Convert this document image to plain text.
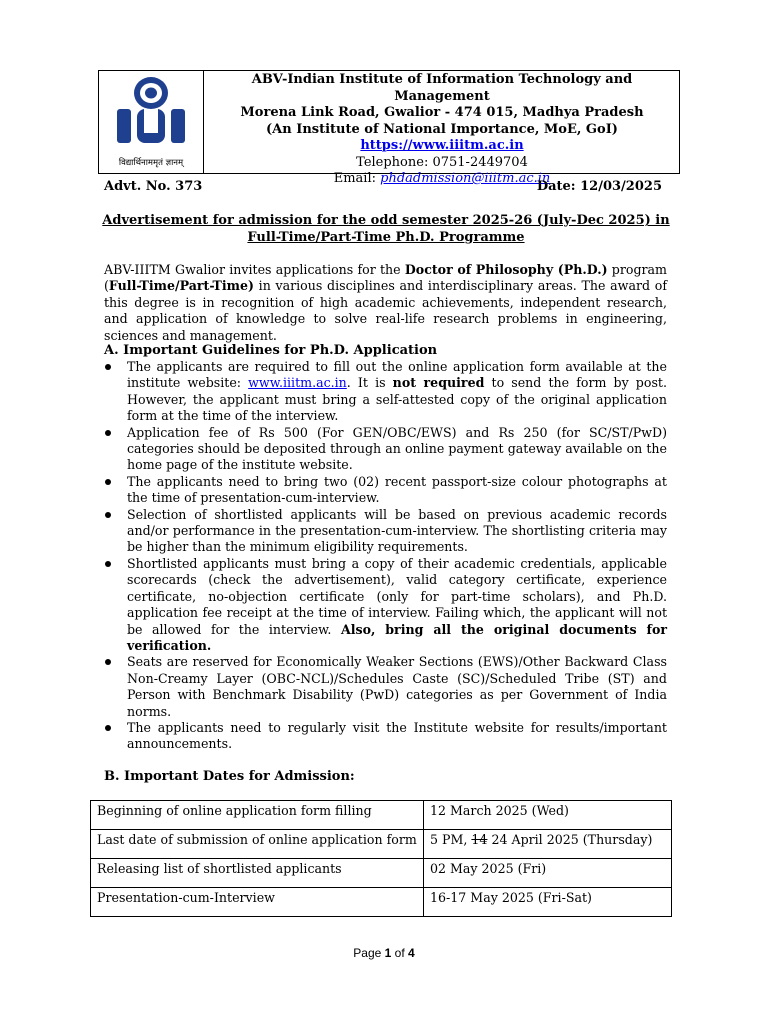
विद्यार्थिनाममृतं ज्ञानम्
ABV-Indian Institute of Information Technology and Management
Morena Link Road, Gwalior - 474 015, Madhya Pradesh
(An Institute of National Importance, MoE, GoI)
https://www.iiitm.ac.in
Telephone: 0751-2449704
Email: phdadmission@iiitm.ac.in
Advt. No. 373	Date: 12/03/2025
Advertisement for admission for the odd semester 2025-26 (July-Dec 2025) in
Full-Time/Part-Time Ph.D. Programme
ABV-IIITM Gwalior invites applications for the Doctor of Philosophy (Ph.D.) program (Full-Time/Part-Time) in various disciplines and interdisciplinary areas. The award of this degree is in recognition of high academic achievements, independent research, and application of knowledge to solve real-life research problems in engineering, sciences and management.
A. Important Guidelines for Ph.D. Application
The applicants are required to fill out the online application form available at the institute website: www.iiitm.ac.in. It is not required to send the form by post. However, the applicant must bring a self-attested copy of the original application form at the time of the interview.
Application fee of Rs 500 (For GEN/OBC/EWS) and Rs 250 (for SC/ST/PwD) categories should be deposited through an online payment gateway available on the home page of the institute website.
The applicants need to bring two (02) recent passport-size colour photographs at the time of presentation-cum-interview.
Selection of shortlisted applicants will be based on previous academic records and/or performance in the presentation-cum-interview. The shortlisting criteria may be higher than the minimum eligibility requirements.
Shortlisted applicants must bring a copy of their academic credentials, applicable scorecards (check the advertisement), valid category certificate, experience certificate, no-objection certificate (only for part-time scholars), and Ph.D. application fee receipt at the time of interview. Failing which, the applicant will not be allowed for the interview. Also, bring all the original documents for verification.
Seats are reserved for Economically Weaker Sections (EWS)/Other Backward Class Non-Creamy Layer (OBC-NCL)/Schedules Caste (SC)/Scheduled Tribe (ST) and Person with Benchmark Disability (PwD) categories as per Government of India norms.
The applicants need to regularly visit the Institute website for results/important announcements.
B. Important Dates for Admission:
Beginning of online application form filling	12 March 2025 (Wed)
Last date of submission of online application form	5 PM, 14 24 April 2025 (Thursday)
Releasing list of shortlisted applicants	02 May 2025 (Fri)
Presentation-cum-Interview	16-17 May 2025 (Fri-Sat)
Page 1 of 4
